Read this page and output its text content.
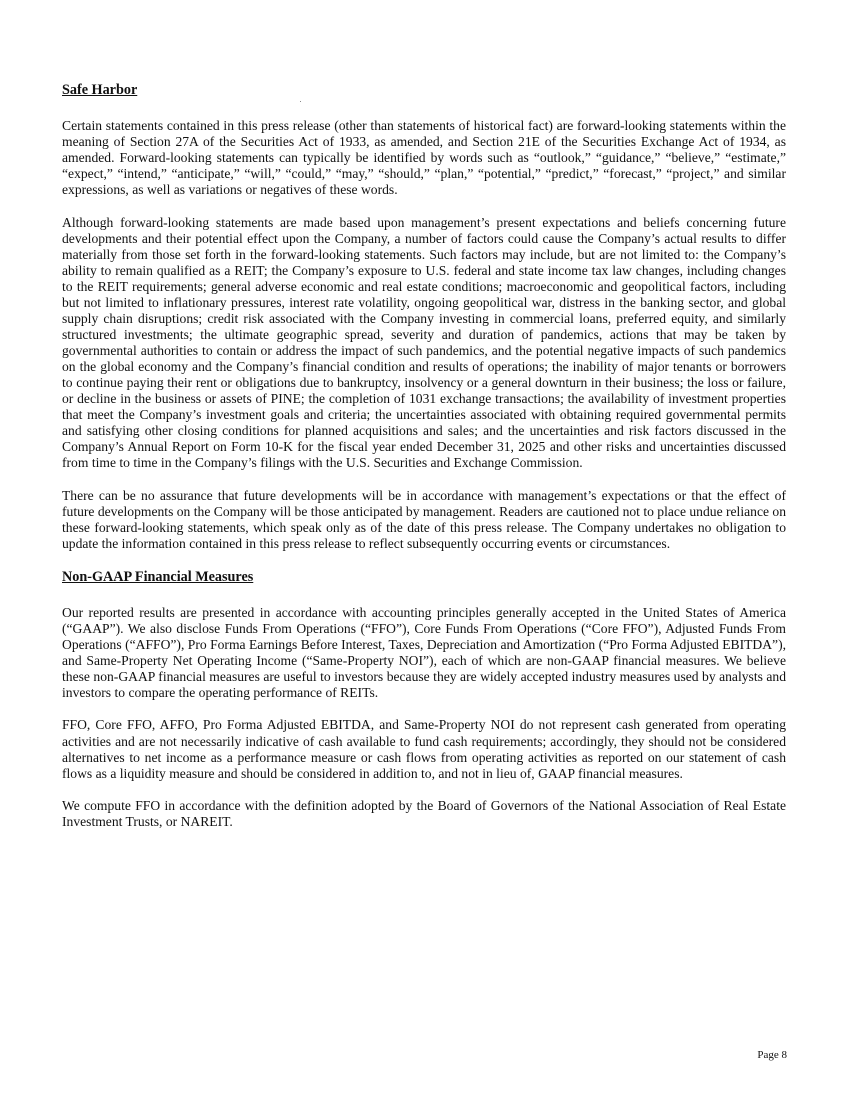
Safe Harbor

Certain statements contained in this press release (other than statements of historical fact) are forward-looking statements within the meaning of Section 27A of the Securities Act of 1933, as amended, and Section 21E of the Securities Exchange Act of 1934, as amended. Forward-looking statements can typically be identified by words such as “outlook,” “guidance,” “believe,” “estimate,” “expect,” “intend,” “anticipate,” “will,” “could,” “may,” “should,” “plan,” “potential,” “predict,” “forecast,” “project,” and similar expressions, as well as variations or negatives of these words.

Although forward-looking statements are made based upon management’s present expectations and beliefs concerning future developments and their potential effect upon the Company, a number of factors could cause the Company’s actual results to differ materially from those set forth in the forward-looking statements. Such factors may include, but are not limited to: the Company’s ability to remain qualified as a REIT; the Company’s exposure to U.S. federal and state income tax law changes, including changes to the REIT requirements; general adverse economic and real estate conditions; macroeconomic and geopolitical factors, including but not limited to inflationary pressures, interest rate volatility, ongoing geopolitical war, distress in the banking sector, and global supply chain disruptions; credit risk associated with the Company investing in commercial loans, preferred equity, and similarly structured investments; the ultimate geographic spread, severity and duration of pandemics, actions that may be taken by governmental authorities to contain or address the impact of such pandemics, and the potential negative impacts of such pandemics on the global economy and the Company’s financial condition and results of operations; the inability of major tenants or borrowers to continue paying their rent or obligations due to bankruptcy, insolvency or a general downturn in their business; the loss or failure, or decline in the business or assets of PINE; the completion of 1031 exchange transactions; the availability of investment properties that meet the Company’s investment goals and criteria; the uncertainties associated with obtaining required governmental permits and satisfying other closing conditions for planned acquisitions and sales; and the uncertainties and risk factors discussed in the Company’s Annual Report on Form 10-K for the fiscal year ended December 31, 2025 and other risks and uncertainties discussed from time to time in the Company’s filings with the U.S. Securities and Exchange Commission.

There can be no assurance that future developments will be in accordance with management’s expectations or that the effect of future developments on the Company will be those anticipated by management. Readers are cautioned not to place undue reliance on these forward-looking statements, which speak only as of the date of this press release. The Company undertakes no obligation to update the information contained in this press release to reflect subsequently occurring events or circumstances.

Non-GAAP Financial Measures

Our reported results are presented in accordance with accounting principles generally accepted in the United States of America (“GAAP”). We also disclose Funds From Operations (“FFO”), Core Funds From Operations (“Core FFO”), Adjusted Funds From Operations (“AFFO”), Pro Forma Earnings Before Interest, Taxes, Depreciation and Amortization (“Pro Forma Adjusted EBITDA”), and Same-Property Net Operating Income (“Same-Property NOI”), each of which are non-GAAP financial measures. We believe these non-GAAP financial measures are useful to investors because they are widely accepted industry measures used by analysts and investors to compare the operating performance of REITs.

FFO, Core FFO, AFFO, Pro Forma Adjusted EBITDA, and Same-Property NOI do not represent cash generated from operating activities and are not necessarily indicative of cash available to fund cash requirements; accordingly, they should not be considered alternatives to net income as a performance measure or cash flows from operating activities as reported on our statement of cash flows as a liquidity measure and should be considered in addition to, and not in lieu of, GAAP financial measures.

We compute FFO in accordance with the definition adopted by the Board of Governors of the National Association of Real Estate Investment Trusts, or NAREIT.

Page 8
